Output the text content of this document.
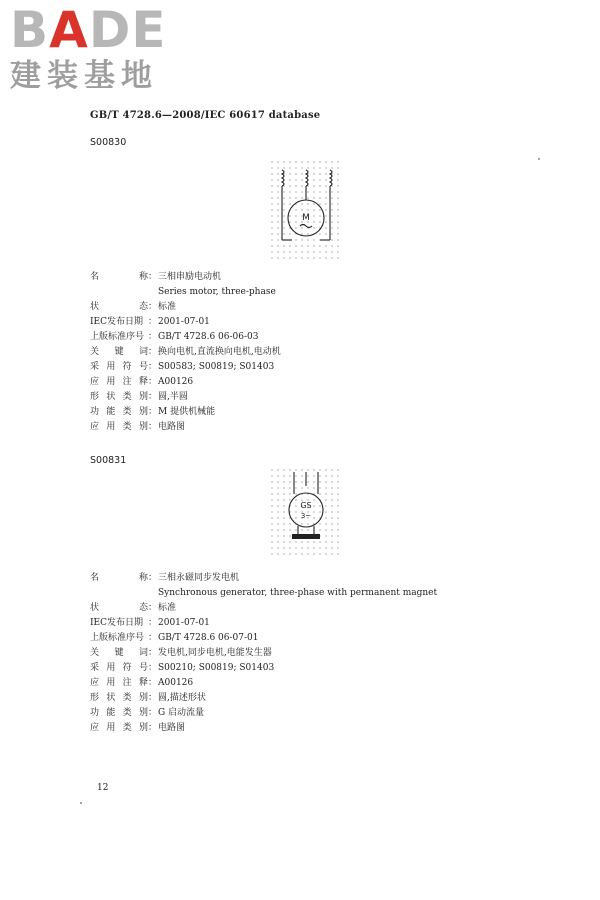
BADE
建装基地
GB/T 4728.6—2008/IEC 60617 database
S00830
M
名	称 ： 三相串励电动机
Series motor, three-phase
状	态 ： 标准
IEC发布日期 ： 2001-07-01
上版标准序号 ： GB/T 4728.6 06-06-03
关 键 词 ： 换向电机,直流换向电机,电动机
采 用 符 号 ： S00583; S00819; S01403
应 用 注 释 ： A00126
形 状 类 别 ： 圆,半圆
功 能 类 别 ： M 提供机械能
应 用 类 别 ： 电路图
S00831
GS
3~
名	称 ： 三相永磁同步发电机
Synchronous generator, three-phase with permanent magnet
状	态 ： 标准
IEC发布日期 ： 2001-07-01
上版标准序号 ： GB/T 4728.6 06-07-01
关 键 词 ： 发电机,同步电机,电能发生器
采 用 符 号 ： S00210; S00819; S01403
应 用 注 释 ： A00126
形 状 类 别 ： 圆,描述形状
功 能 类 别 ： G 启动流量
应 用 类 别 ： 电路图
12
